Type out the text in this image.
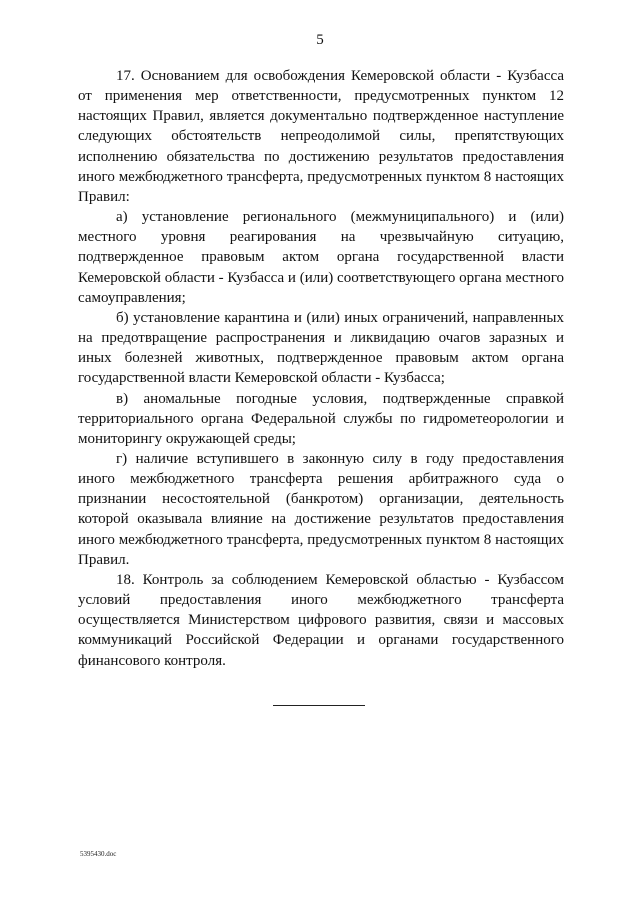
5

17. Основанием для освобождения Кемеровской области - Кузбасса от применения мер ответственности, предусмотренных пунктом 12 настоящих Правил, является документально подтвержденное наступление следующих обстоятельств непреодолимой силы, препятствующих исполнению обязательства по достижению результатов предоставления иного межбюджетного трансферта, предусмотренных пунктом 8 настоящих Правил:

а) установление регионального (межмуниципального) и (или) местного уровня реагирования на чрезвычайную ситуацию, подтвержденное правовым актом органа государственной власти Кемеровской области - Кузбасса и (или) соответствующего органа местного самоуправления;

б) установление карантина и (или) иных ограничений, направленных на предотвращение распространения и ликвидацию очагов заразных и иных болезней животных, подтвержденное правовым актом органа государственной власти Кемеровской области - Кузбасса;

в) аномальные погодные условия, подтвержденные справкой территориального органа Федеральной службы по гидрометеорологии и мониторингу окружающей среды;

г) наличие вступившего в законную силу в году предоставления иного межбюджетного трансферта решения арбитражного суда о признании несостоятельной (банкротом) организации, деятельность которой оказывала влияние на достижение результатов предоставления иного межбюджетного трансферта, предусмотренных пунктом 8 настоящих Правил.

18. Контроль за соблюдением Кемеровской областью - Кузбассом условий предоставления иного межбюджетного трансферта осуществляется Министерством цифрового развития, связи и массовых коммуникаций Российской Федерации и органами государственного финансового контроля.

5395430.doc
